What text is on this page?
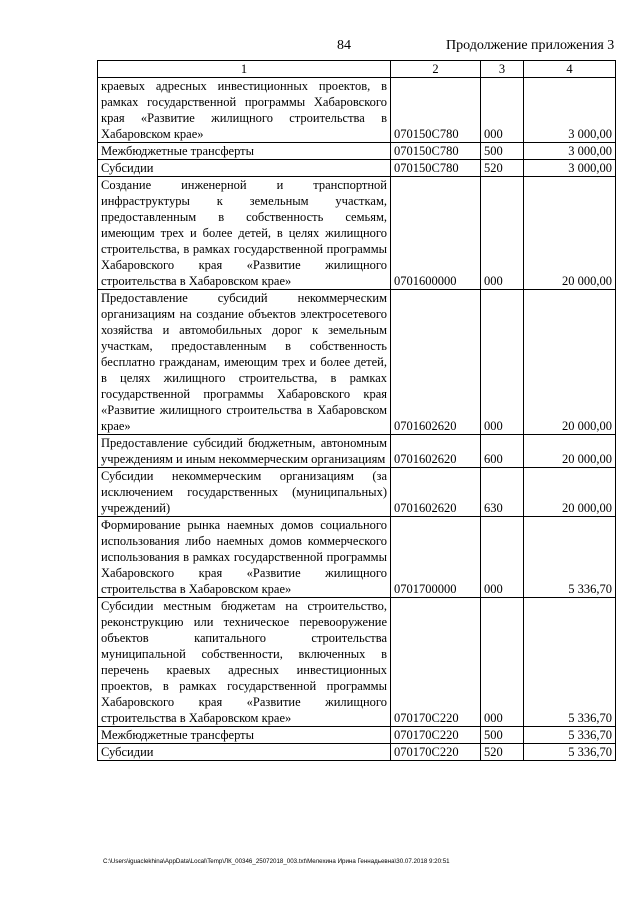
84	Продолжение приложения 3
1	2	3	4
краевых адресных инвестиционных проектов, в рамках государственной программы Хабаровского края «Развитие жилищного строительства в Хабаровском крае»	070150С780	000	3 000,00
Межбюджетные трансферты	070150С780	500	3 000,00
Субсидии	070150С780	520	3 000,00
Создание инженерной и транспортной инфраструктуры к земельным участкам, предоставленным в собственность семьям, имеющим трех и более детей, в целях жилищного строительства, в рамках государственной программы Хабаровского края «Развитие жилищного строительства в Хабаровском крае»	0701600000	000	20 000,00
Предоставление субсидий некоммерческим организациям на создание объектов электросетевого хозяйства и автомобильных дорог к земельным участкам, предоставленным в собственность бесплатно гражданам, имеющим трех и более детей, в целях жилищного строительства, в рамках государственной программы Хабаровского края «Развитие жилищного строительства в Хабаровском крае»	0701602620	000	20 000,00
Предоставление субсидий бюджетным, автономным учреждениям и иным некоммерческим организациям	0701602620	600	20 000,00
Субсидии некоммерческим организациям (за исключением государственных (муниципальных) учреждений)	0701602620	630	20 000,00
Формирование рынка наемных домов социального использования либо наемных домов коммерческого использования в рамках государственной программы Хабаровского края «Развитие жилищного строительства в Хабаровском крае»	0701700000	000	5 336,70
Субсидии местным бюджетам на строительство, реконструкцию или техническое перевооружение объектов капитального строительства муниципальной собственности, включенных в перечень краевых адресных инвестиционных проектов, в рамках государственной программы Хабаровского края «Развитие жилищного строительства в Хабаровском крае»	070170С220	000	5 336,70
Межбюджетные трансферты	070170С220	500	5 336,70
Субсидии	070170С220	520	5 336,70
C:\Users\iguaclekhina\AppData\Local\Temp\ЛК_00346_25072018_003.txt\Мелехина Ирина Геннадьевна\30.07.2018 9:20:51
